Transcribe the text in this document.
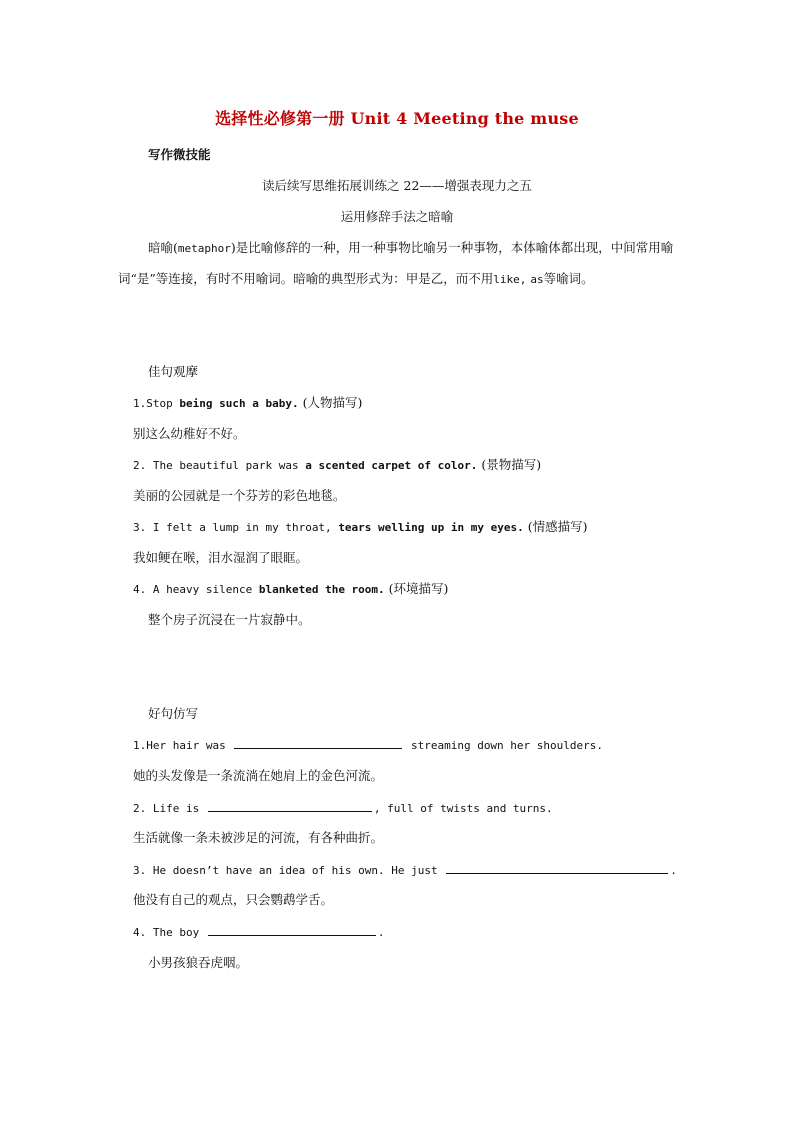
选择性必修第一册 Unit 4 Meeting the muse
写作微技能
读后续写思维拓展训练之 22——增强表现力之五
运用修辞手法之暗喻
暗喻(metaphor)是比喻修辞的一种，用一种事物比喻另一种事物，本体喻体都出现，中间常用喻词“是”等连接，有时不用喻词。暗喻的典型形式为：甲是乙，而不用like, as等喻词。
佳句观摩
1.Stop being such a baby. (人物描写)
别这么幼稚好不好。
2. The beautiful park was a scented carpet of color. (景物描写)
美丽的公园就是一个芬芳的彩色地毯。
3. I felt a lump in my throat, tears welling up in my eyes. (情感描写)
我如鲠在喉，泪水湿润了眼眶。
4. A heavy silence blanketed the room. (环境描写)
整个房子沉浸在一片寂静中。
好句仿写
1.Her hair was	streaming down her shoulders.
她的头发像是一条流淌在她肩上的金色河流。
2. Life is	, full of twists and turns.
生活就像一条未被涉足的河流，有各种曲折。
3. He doesn’t have an idea of his own. He just	.
他没有自己的观点，只会鹦鹉学舌。
4. The boy	.
小男孩狼吞虎咽。
